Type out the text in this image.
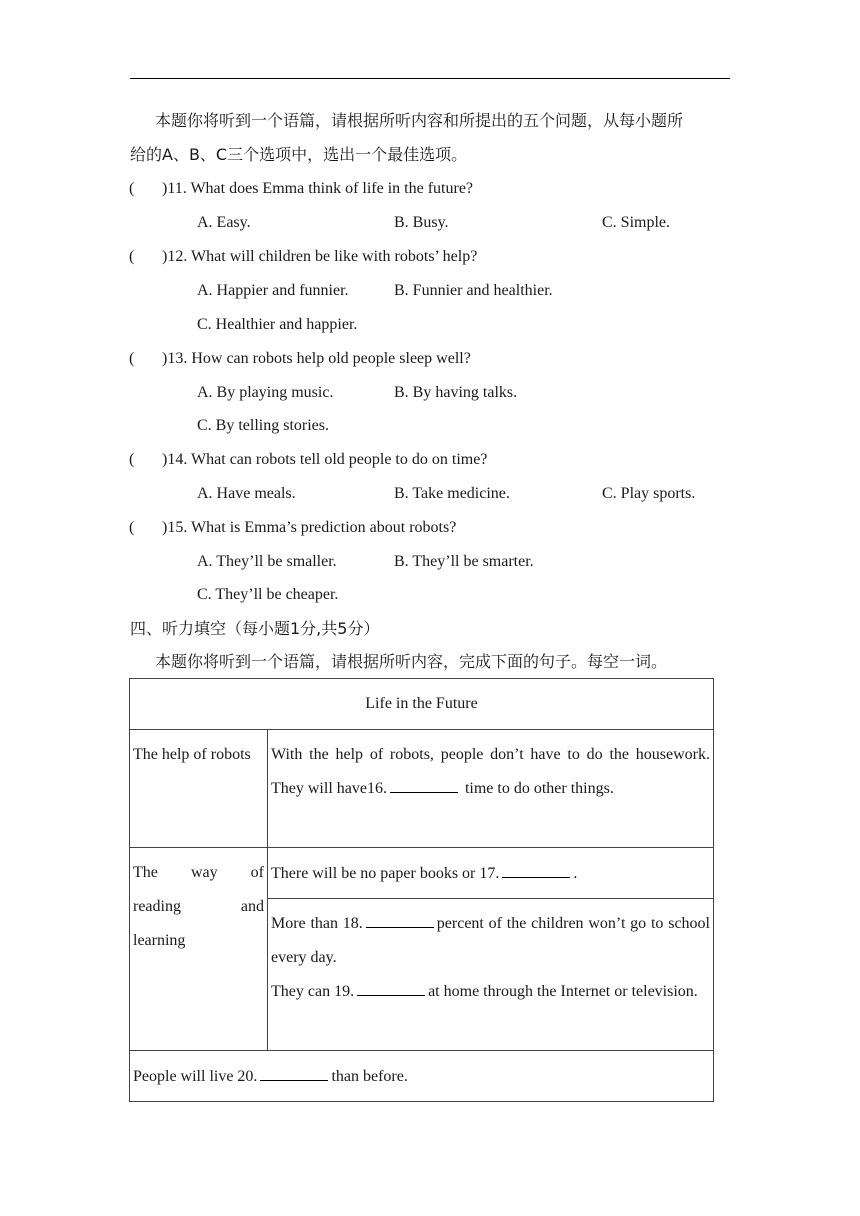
本题你将听到一个语篇，请根据所听内容和所提出的五个问题，从每小题所
给的A、B、C三个选项中，选出一个最佳选项。
( )11. What does Emma think of life in the future?
A. Easy.	B. Busy.	C. Simple.
( )12. What will children be like with robots’ help?
A. Happier and funnier.	B. Funnier and healthier.
C. Healthier and happier.
( )13. How can robots help old people sleep well?
A. By playing music.	B. By having talks.
C. By telling stories.
( )14. What can robots tell old people to do on time?
A. Have meals.	B. Take medicine.	C. Play sports.
( )15. What is Emma’s prediction about robots?
A. They’ll be smaller.	B. They’ll be smarter.
C. They’ll be cheaper.
四、听力填空（每小题1分,共5分）
本题你将听到一个语篇，请根据所听内容，完成下面的句子。每空一词。
Life in the Future	
The help of robots	With the help of robots, people don’t have to do the housework. They will have16. time to do other things.

The way of
reading and
learning	There will be no paper books or 17. .
	More than 18. percent of the children won’t go to school every day.
They can 19. at home through the Internet or television.
People will live 20. than before.	
